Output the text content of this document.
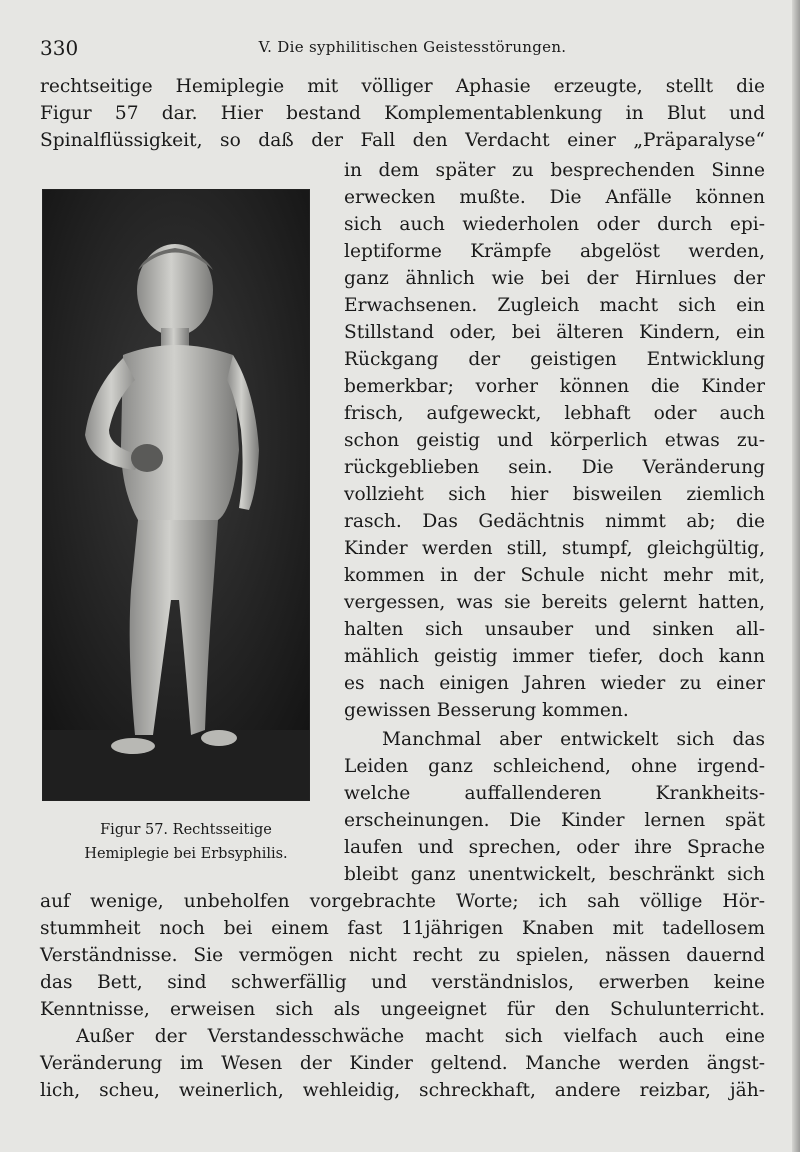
330	V. Die syphilitischen Geistesstörungen.
rechtseitige Hemiplegie mit völliger Aphasie erzeugte, stellt die
Figur 57 dar. Hier bestand Komplementablenkung in Blut und
Spinalflüssigkeit, so daß der Fall den Verdacht einer „Präparalyse“
in dem später zu besprechenden Sinne
erwecken mußte. Die Anfälle können
sich auch wiederholen oder durch epi-
leptiforme Krämpfe abgelöst werden,
ganz ähnlich wie bei der Hirnlues der
Erwachsenen. Zugleich macht sich ein
Stillstand oder, bei älteren Kindern, ein
Rückgang der geistigen Entwicklung
bemerkbar; vorher können die Kinder
frisch, aufgeweckt, lebhaft oder auch
schon geistig und körperlich etwas zu-
rückgeblieben sein. Die Veränderung
vollzieht sich hier bisweilen ziemlich
rasch. Das Gedächtnis nimmt ab; die
Kinder werden still, stumpf, gleichgültig,
kommen in der Schule nicht mehr mit,
vergessen, was sie bereits gelernt hatten,
halten sich unsauber und sinken all-
mählich geistig immer tiefer, doch kann
es nach einigen Jahren wieder zu einer
gewissen Besserung kommen.
Manchmal aber entwickelt sich das
Leiden ganz schleichend, ohne irgend-
welche auffallenderen Krankheits-
erscheinungen. Die Kinder lernen spät
laufen und sprechen, oder ihre Sprache
bleibt ganz unentwickelt, beschränkt sich
auf wenige, unbeholfen vorgebrachte Worte; ich sah völlige Hör-
stummheit noch bei einem fast 11jährigen Knaben mit tadellosem
Verständnisse. Sie vermögen nicht recht zu spielen, nässen dauernd
das Bett, sind schwerfällig und verständnislos, erwerben keine
Kenntnisse, erweisen sich als ungeeignet für den Schulunterricht.
Außer der Verstandesschwäche macht sich vielfach auch eine
Veränderung im Wesen der Kinder geltend. Manche werden ängst-
lich, scheu, weinerlich, wehleidig, schreckhaft, andere reizbar, jäh-
Figur 57. Rechtsseitige
Hemiplegie bei Erbsyphilis.
